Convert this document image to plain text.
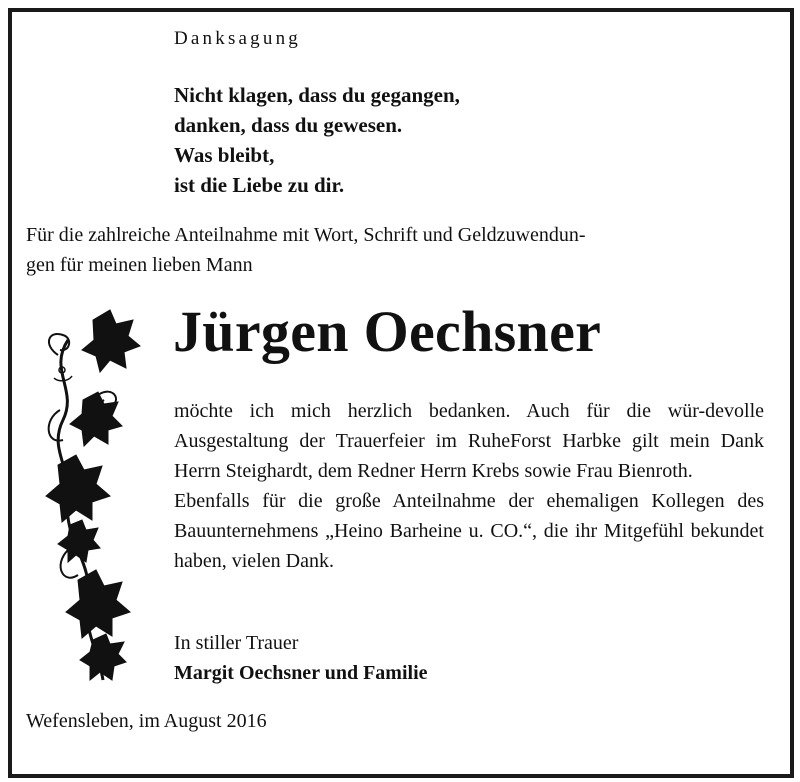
Danksagung
Nicht klagen, dass du gegangen,
danken, dass du gewesen.
Was bleibt,
ist die Liebe zu dir.
Für die zahlreiche Anteilnahme mit Wort, Schrift und Geldzuwendun-
gen für meinen lieben Mann
Jürgen Oechsner

möchte ich mich herzlich bedanken. Auch für die wür-devolle Ausgestaltung der Trauerfeier im RuheForst Harbke gilt mein Dank Herrn Steighardt, dem Redner Herrn Krebs sowie Frau Bienroth.

Ebenfalls für die große Anteilnahme der ehemaligen Kollegen des Bauunternehmens „Heino Barheine u. CO.“, die ihr Mitgefühl bekundet haben, vielen Dank.

In stiller Trauer
Margit Oechsner und Familie
Wefensleben, im August 2016
